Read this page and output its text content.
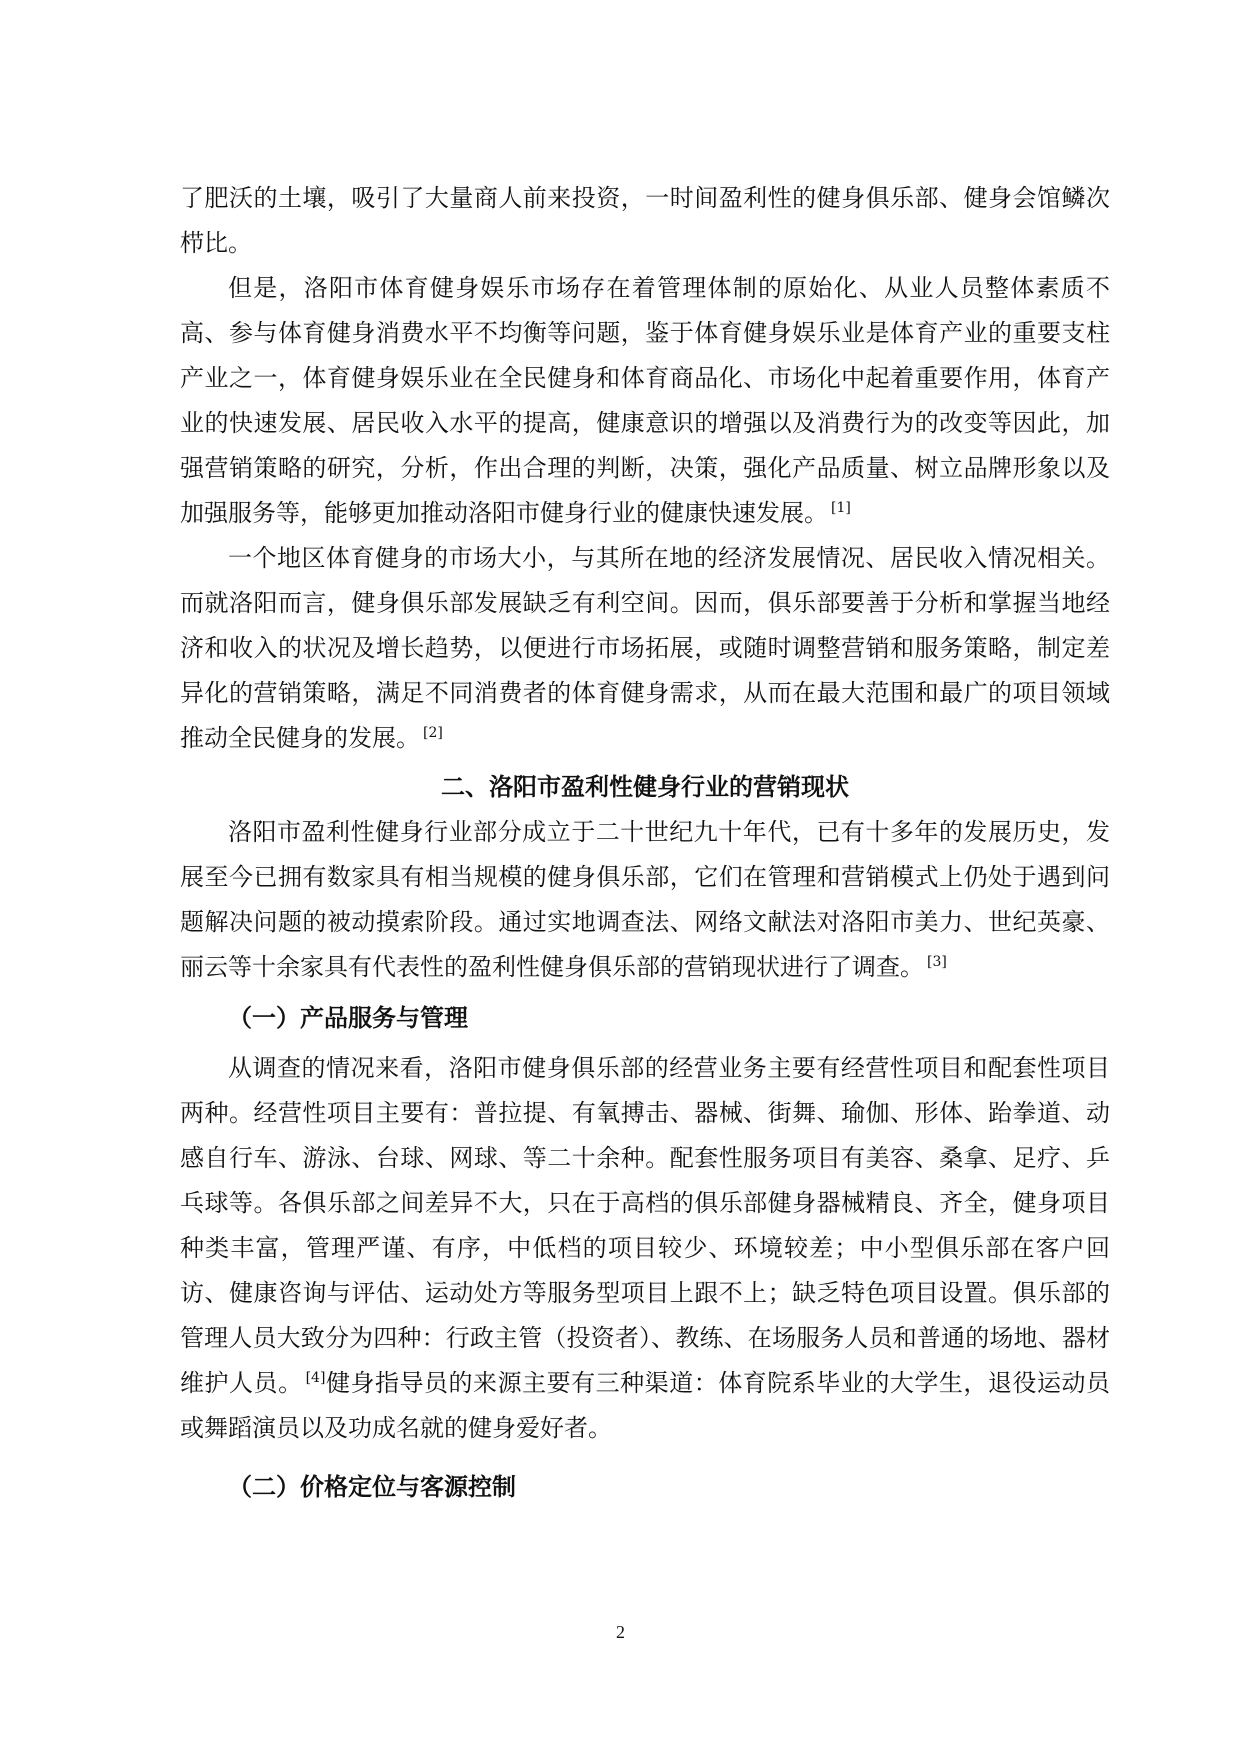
了肥沃的土壤，吸引了大量商人前来投资，一时间盈利性的健身俱乐部、健身会馆鳞次栉比。

但是，洛阳市体育健身娱乐市场存在着管理体制的原始化、从业人员整体素质不高、参与体育健身消费水平不均衡等问题，鉴于体育健身娱乐业是体育产业的重要支柱产业之一，体育健身娱乐业在全民健身和体育商品化、市场化中起着重要作用，体育产业的快速发展、居民收入水平的提高，健康意识的增强以及消费行为的改变等因此，加强营销策略的研究，分析，作出合理的判断，决策，强化产品质量、树立品牌形象以及加强服务等，能够更加推动洛阳市健身行业的健康快速发展。 [1]

一个地区体育健身的市场大小，与其所在地的经济发展情况、居民收入情况相关。而就洛阳而言，健身俱乐部发展缺乏有利空间。因而，俱乐部要善于分析和掌握当地经济和收入的状况及增长趋势，以便进行市场拓展，或随时调整营销和服务策略，制定差异化的营销策略，满足不同消费者的体育健身需求，从而在最大范围和最广的项目领域推动全民健身的发展。 [2]

二、洛阳市盈利性健身行业的营销现状

洛阳市盈利性健身行业部分成立于二十世纪九十年代，已有十多年的发展历史，发展至今已拥有数家具有相当规模的健身俱乐部，它们在管理和营销模式上仍处于遇到问题解决问题的被动摸索阶段。通过实地调查法、网络文献法对洛阳市美力、世纪英豪、丽云等十余家具有代表性的盈利性健身俱乐部的营销现状进行了调查。 [3]

（一）产品服务与管理

从调查的情况来看，洛阳市健身俱乐部的经营业务主要有经营性项目和配套性项目两种。经营性项目主要有：普拉提、有氧搏击、器械、街舞、瑜伽、形体、跆拳道、动感自行车、游泳、台球、网球、等二十余种。配套性服务项目有美容、桑拿、足疗、乒乓球等。各俱乐部之间差异不大，只在于高档的俱乐部健身器械精良、齐全，健身项目种类丰富，管理严谨、有序，中低档的项目较少、环境较差；中小型俱乐部在客户回访、健康咨询与评估、运动处方等服务型项目上跟不上；缺乏特色项目设置。俱乐部的管理人员大致分为四种：行政主管（投资者）、教练、在场服务人员和普通的场地、器材维护人员。 [4]健身指导员的来源主要有三种渠道：体育院系毕业的大学生，退役运动员或舞蹈演员以及功成名就的健身爱好者。

（二）价格定位与客源控制
2
